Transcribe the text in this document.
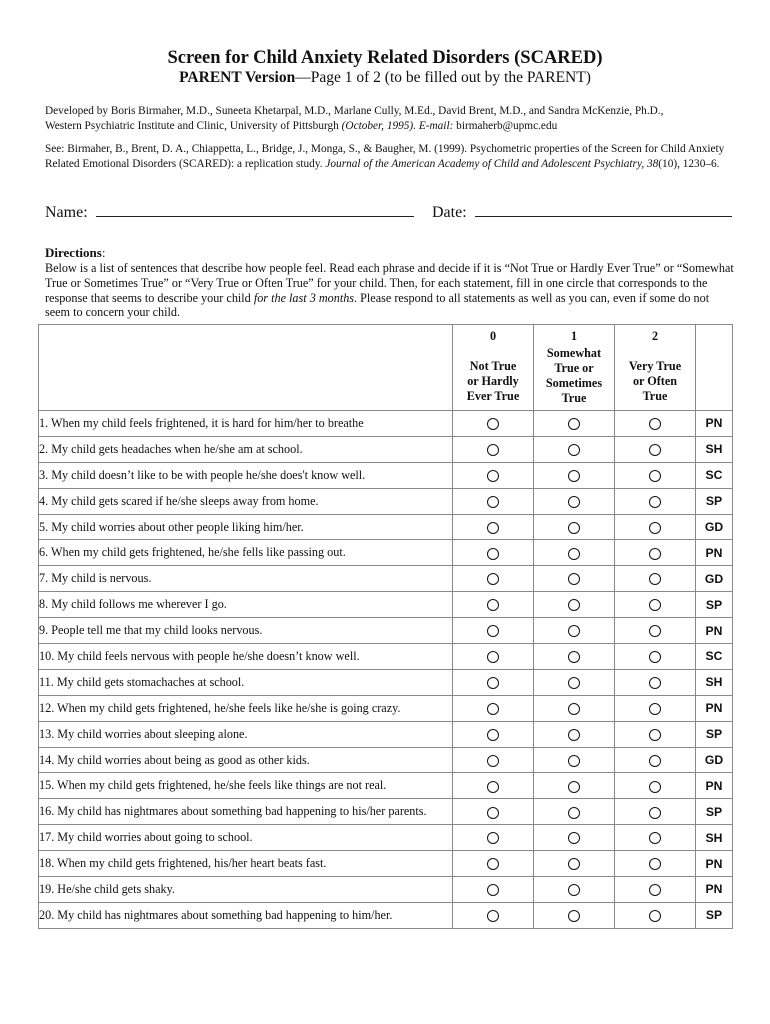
Screen for Child Anxiety Related Disorders (SCARED)
PARENT Version—Page 1 of 2 (to be filled out by the PARENT)
Developed by Boris Birmaher, M.D., Suneeta Khetarpal, M.D., Marlane Cully, M.Ed., David Brent, M.D., and Sandra McKenzie, Ph.D.,
Western Psychiatric Institute and Clinic, University of Pittsburgh (October, 1995). E-mail: birmaherb@upmc.edu
See: Birmaher, B., Brent, D. A., Chiappetta, L., Bridge, J., Monga, S., & Baugher, M. (1999). Psychometric properties of the Screen for Child Anxiety Related Emotional Disorders (SCARED): a replication study. Journal of the American Academy of Child and Adolescent Psychiatry, 38(10), 1230–6.
Name:	Date:
Directions:
Below is a list of sentences that describe how people feel. Read each phrase and decide if it is “Not True or Hardly Ever True” or “Somewhat True or Sometimes True” or “Very True or Often True” for your child. Then, for each statement, fill in one circle that corresponds to the response that seems to describe your child for the last 3 months. Please respond to all statements as well as you can, even if some do not seem to concern your child.

	0
Not True
or Hardly
Ever True	1
Somewhat
True or
Sometimes
True	2
Very True
or Often
True	

1. When my child feels frightened, it is hard for him/her to breathe				PN
2. My child gets headaches when he/she am at school.				SH
3. My child doesn’t like to be with people he/she does't know well.				SC
4. My child gets scared if he/she sleeps away from home.				SP
5. My child worries about other people liking him/her.				GD
6. When my child gets frightened, he/she fells like passing out.				PN
7. My child is nervous.				GD
8. My child follows me wherever I go.				SP
9. People tell me that my child looks nervous.				PN
10. My child feels nervous with people he/she doesn’t know well.				SC
11. My child gets stomachaches at school.				SH
12. When my child gets frightened, he/she feels like he/she is going crazy.				PN
13. My child worries about sleeping alone.				SP
14. My child worries about being as good as other kids.				GD
15. When my child gets frightened, he/she feels like things are not real.				PN
16. My child has nightmares about something bad happening to his/her parents.				SP
17. My child worries about going to school.				SH
18. When my child gets frightened, his/her heart beats fast.				PN
19. He/she child gets shaky.				PN
20. My child has nightmares about something bad happening to him/her.				SP
